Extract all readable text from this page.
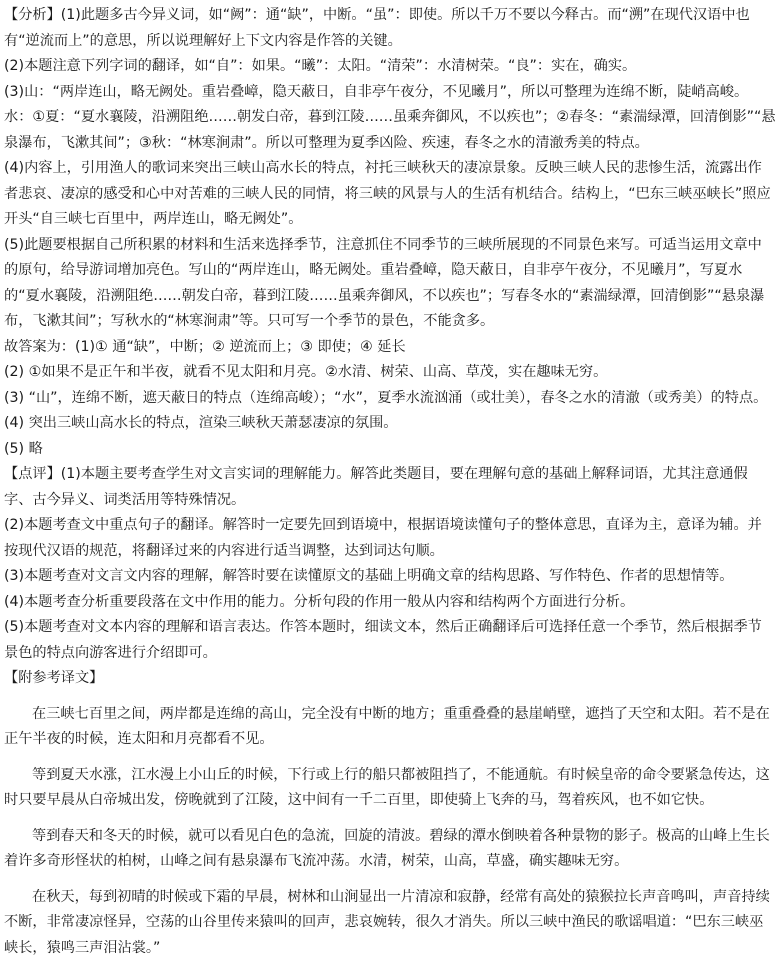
【分析】(1)此题多古今异义词，如“阙”：通“缺”，中断。“虽”：即使。所以千万不要以今释古。而“溯”在现代汉语中也有“逆流而上”的意思，所以说理解好上下文内容是作答的关键。

(2)本题注意下列字词的翻译，如“自”：如果。“曦”：太阳。“清荣”：水清树荣。“良”：实在，确实。

(3)山：“两岸连山，略无阙处。重岩叠嶂，隐天蔽日，自非亭午夜分，不见曦月”，所以可整理为连绵不断，陡峭高峻。水：①夏：“夏水襄陵，沿溯阻绝……朝发白帝，暮到江陵……虽乘奔御风，不以疾也”；②春冬：“素湍绿潭，回清倒影”“悬泉瀑布，飞漱其间”；③秋：“林寒涧肃”。所以可整理为夏季凶险、疾速，春冬之水的清澈秀美的特点。

(4)内容上，引用渔人的歌词来突出三峡山高水长的特点，衬托三峡秋天的凄凉景象。反映三峡人民的悲惨生活，流露出作者悲哀、凄凉的感受和心中对苦难的三峡人民的同情，将三峡的风景与人的生活有机结合。结构上，“巴东三峡巫峡长”照应开头“自三峡七百里中，两岸连山，略无阙处”。

(5)此题要根据自己所积累的材料和生活来选择季节，注意抓住不同季节的三峡所展现的不同景色来写。可适当运用文章中的原句，给导游词增加亮色。写山的“两岸连山，略无阙处。重岩叠嶂，隐天蔽日，自非亭午夜分，不见曦月”，写夏水的“夏水襄陵，沿溯阻绝……朝发白帝，暮到江陵……虽乘奔御风，不以疾也”；写春冬水的“素湍绿潭，回清倒影”“悬泉瀑布，飞漱其间”；写秋水的“林寒涧肃”等。只可写一个季节的景色，不能贪多。

故答案为：(1)① 通“缺”，中断；② 逆流而上；③ 即使；④ 延长

(2) ①如果不是正午和半夜，就看不见太阳和月亮。②水清、树荣、山高、草茂，实在趣味无穷。

(3) “山”，连绵不断，遮天蔽日的特点（连绵高峻）；“水”，夏季水流汹涌（或壮美），春冬之水的清澈（或秀美）的特点。

(4) 突出三峡山高水长的特点，渲染三峡秋天萧瑟凄凉的氛围。

(5) 略

【点评】(1)本题主要考查学生对文言实词的理解能力。解答此类题目，要在理解句意的基础上解释词语，尤其注意通假字、古今异义、词类活用等特殊情况。

(2)本题考查文中重点句子的翻译。解答时一定要先回到语境中，根据语境读懂句子的整体意思，直译为主，意译为辅。并按现代汉语的规范，将翻译过来的内容进行适当调整，达到词达句顺。

(3)本题考查对文言文内容的理解，解答时要在读懂原文的基础上明确文章的结构思路、写作特色、作者的思想情等。

(4)本题考查分析重要段落在文中作用的能力。分析句段的作用一般从内容和结构两个方面进行分析。

(5)本题考查对文本内容的理解和语言表达。作答本题时，细读文本，然后正确翻译后可选择任意一个季节，然后根据季节景色的特点向游客进行介绍即可。

【附参考译文】

在三峡七百里之间，两岸都是连绵的高山，完全没有中断的地方；重重叠叠的悬崖峭壁，遮挡了天空和太阳。若不是在正午半夜的时候，连太阳和月亮都看不见。

等到夏天水涨，江水漫上小山丘的时候，下行或上行的船只都被阻挡了，不能通航。有时候皇帝的命令要紧急传达，这时只要早晨从白帝城出发，傍晚就到了江陵，这中间有一千二百里，即使骑上飞奔的马，驾着疾风，也不如它快。

等到春天和冬天的时候，就可以看见白色的急流，回旋的清波。碧绿的潭水倒映着各种景物的影子。极高的山峰上生长着许多奇形怪状的柏树，山峰之间有悬泉瀑布飞流冲荡。水清，树荣，山高，草盛，确实趣味无穷。

在秋天，每到初晴的时候或下霜的早晨，树林和山涧显出一片清凉和寂静，经常有高处的猿猴拉长声音鸣叫，声音持续不断，非常凄凉怪异，空荡的山谷里传来猿叫的回声，悲哀婉转，很久才消失。所以三峡中渔民的歌谣唱道：“巴东三峡巫峡长，猿鸣三声泪沾裳。”
